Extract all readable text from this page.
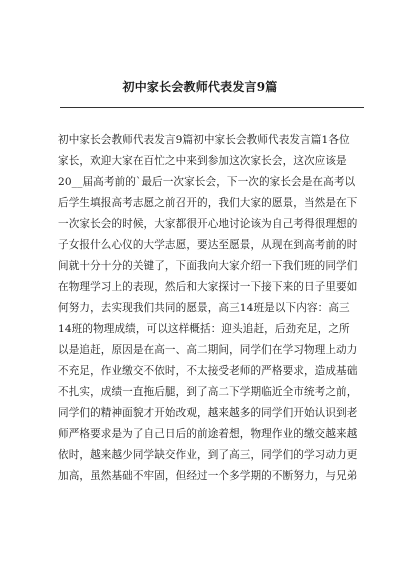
初中家长会教师代表发言9篇
初中家长会教师代表发言9篇初中家长会教师代表发言篇1各位
家长，欢迎大家在百忙之中来到参加这次家长会，这次应该是
20__届高考前的`最后一次家长会，下一次的家长会是在高考以
后学生填报高考志愿之前召开的，我们大家的愿景，当然是在下
一次家长会的时候，大家都很开心地讨论该为自己考得很理想的
子女报什么心仪的大学志愿，要达至愿景，从现在到高考前的时
间就十分十分的关键了，下面我向大家介绍一下我们班的同学们
在物理学习上的表现，然后和大家探讨一下接下来的日子里要如
何努力，去实现我们共同的愿景，高三14班是以下内容：高三
14班的物理成绩，可以这样概括：迎头追赶，后劲充足，之所
以是追赶，原因是在高一、高二期间，同学们在学习物理上动力
不充足，作业缴交不依时，不太接受老师的严格要求，造成基础
不扎实，成绩一直拖后腿，到了高二下学期临近全市统考之前，
同学们的精神面貌才开始改观，越来越多的同学们开始认识到老
师严格要求是为了自己日后的前途着想，物理作业的缴交越来越
依时，越来越少同学缺交作业，到了高三，同学们的学习动力更
加高，虽然基础不牢固，但经过一个多学期的不断努力，与兄弟
